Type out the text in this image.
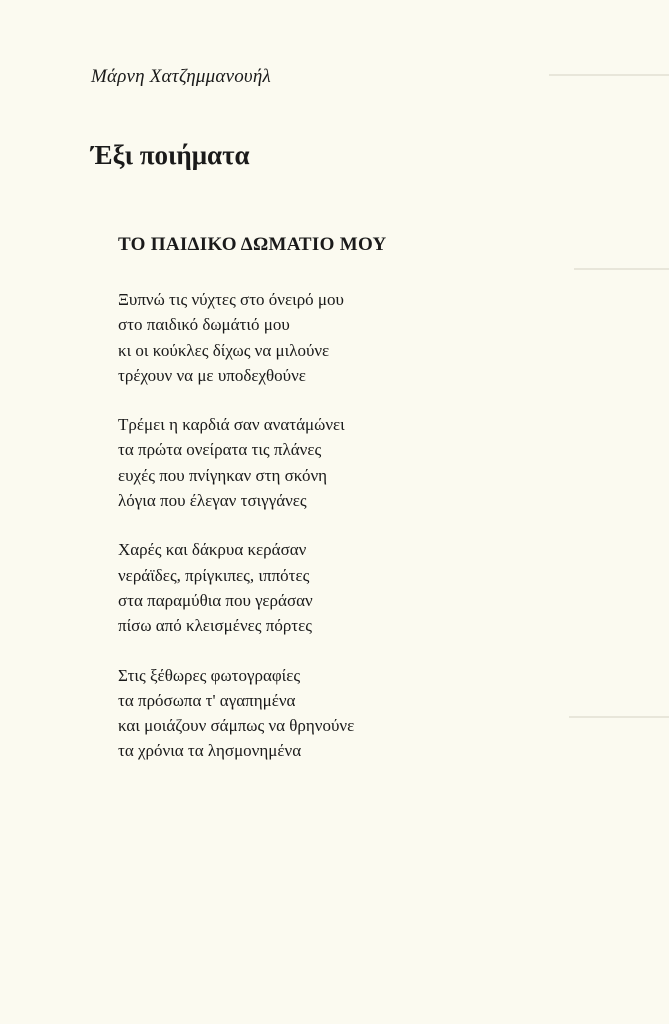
Μάρνη Χατζημμανουήλ
Έξι ποιήματα
ΤΟ ΠΑΙΔΙΚΟ ΔΩΜΑΤΙΟ ΜΟΥ
Ξυπνώ τις νύχτες στο όνειρό μου
στο παιδικό δωμάτιό μου
κι οι κούκλες δίχως να μιλούνε
τρέχουν να με υποδεχθούνε
Τρέμει η καρδιά σαν ανατάμώνει
τα πρώτα ονείρατα τις πλάνες
ευχές που πνίγηκαν στη σκόνη
λόγια που έλεγαν τσιγγάνες
Χαρές και δάκρυα κεράσαν
νεράϊδες, πρίγκιπες, ιππότες
στα παραμύθια που γεράσαν
πίσω από κλεισμένες πόρτες
Στις ξέθωρες φωτογραφίες
τα πρόσωπα τ' αγαπημένα
και μοιάζουν σάμπως να θρηνούνε
τα χρόνια τα λησμονημένα
